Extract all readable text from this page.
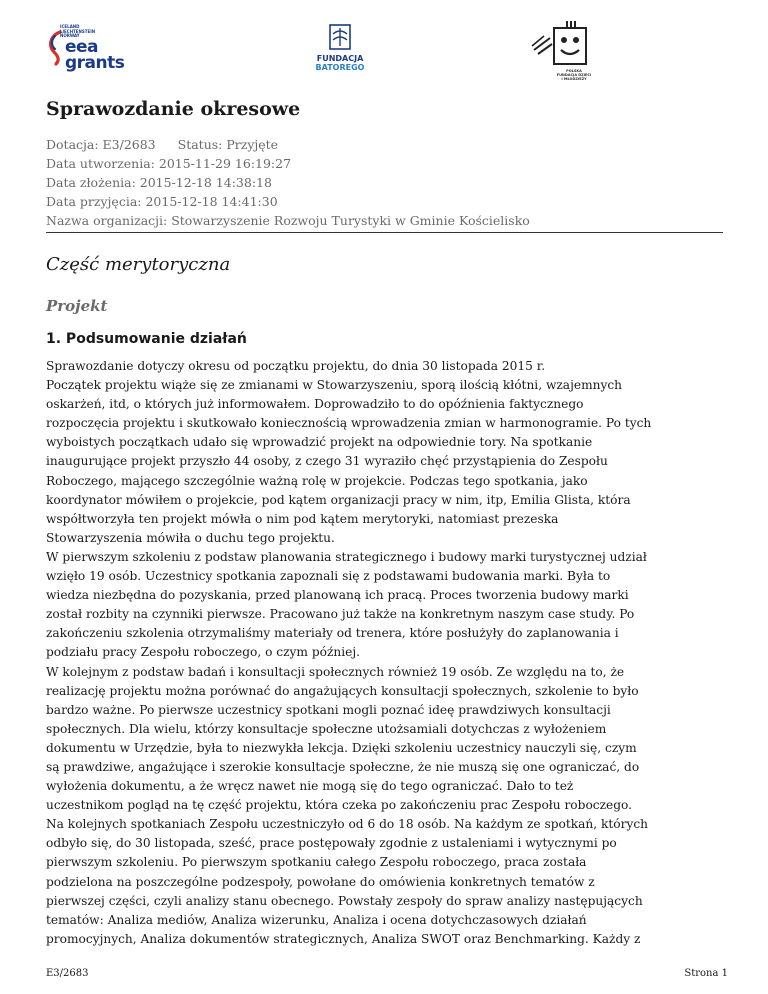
ICELAND
LIECHTENSTEIN
NORWAY
eea
grants	FUNDACJA
BATOREGO	POLSKA FUNDACJA DZIECI I MŁODZIEŻY
Sprawozdanie okresowe
Dotacja: E3/2683 Status: Przyjęte
Data utworzenia: 2015-11-29 16:19:27
Data złożenia: 2015-12-18 14:38:18
Data przyjęcia: 2015-12-18 14:41:30
Nazwa organizacji: Stowarzyszenie Rozwoju Turystyki w Gminie Kościelisko
Część merytoryczna
Projekt
1. Podsumowanie działań
Sprawozdanie dotyczy okresu od początku projektu, do dnia 30 listopada 2015 r.
Początek projektu wiąże się ze zmianami w Stowarzyszeniu, sporą ilością kłótni, wzajemnych
oskarżeń, itd, o których już informowałem. Doprowadziło to do opóźnienia faktycznego
rozpoczęcia projektu i skutkowało koniecznością wprowadzenia zmian w harmonogramie. Po tych
wyboistych początkach udało się wprowadzić projekt na odpowiednie tory. Na spotkanie
inaugurujące projekt przyszło 44 osoby, z czego 31 wyraziło chęć przystąpienia do Zespołu
Roboczego, mającego szczególnie ważną rolę w projekcie. Podczas tego spotkania, jako
koordynator mówiłem o projekcie, pod kątem organizacji pracy w nim, itp, Emilia Glista, która
współtworzyła ten projekt mówła o nim pod kątem merytoryki, natomiast prezeska
Stowarzyszenia mówiła o duchu tego projektu.
W pierwszym szkoleniu z podstaw planowania strategicznego i budowy marki turystycznej udział
wzięło 19 osób. Uczestnicy spotkania zapoznali się z podstawami budowania marki. Była to
wiedza niezbędna do pozyskania, przed planowaną ich pracą. Proces tworzenia budowy marki
został rozbity na czynniki pierwsze. Pracowano już także na konkretnym naszym case study. Po
zakończeniu szkolenia otrzymaliśmy materiały od trenera, które posłużyły do zaplanowania i
podziału pracy Zespołu roboczego, o czym później.
W kolejnym z podstaw badań i konsultacji społecznych również 19 osób. Ze względu na to, że
realizację projektu można porównać do angażujących konsultacji społecznych, szkolenie to było
bardzo ważne. Po pierwsze uczestnicy spotkani mogli poznać ideę prawdziwych konsultacji
społecznych. Dla wielu, którzy konsultacje społeczne utożsamiali dotychczas z wyłożeniem
dokumentu w Urzędzie, była to niezwykła lekcja. Dzięki szkoleniu uczestnicy nauczyli się, czym
są prawdziwe, angażujące i szerokie konsultacje społeczne, że nie muszą się one ograniczać, do
wyłożenia dokumentu, a że wręcz nawet nie mogą się do tego ograniczać. Dało to też
uczestnikom pogląd na tę część projektu, która czeka po zakończeniu prac Zespołu roboczego.
Na kolejnych spotkaniach Zespołu uczestniczyło od 6 do 18 osób. Na każdym ze spotkań, których
odbyło się, do 30 listopada, sześć, prace postępowały zgodnie z ustaleniami i wytycznymi po
pierwszym szkoleniu. Po pierwszym spotkaniu całego Zespołu roboczego, praca została
podzielona na poszczególne podzespoły, powołane do omówienia konkretnych tematów z
pierwszej części, czyli analizy stanu obecnego. Powstały zespoły do spraw analizy następujących
tematów: Analiza mediów, Analiza wizerunku, Analiza i ocena dotychczasowych działań
promocyjnych, Analiza dokumentów strategicznych, Analiza SWOT oraz Benchmarking. Każdy z
E3/2683	Strona 1
